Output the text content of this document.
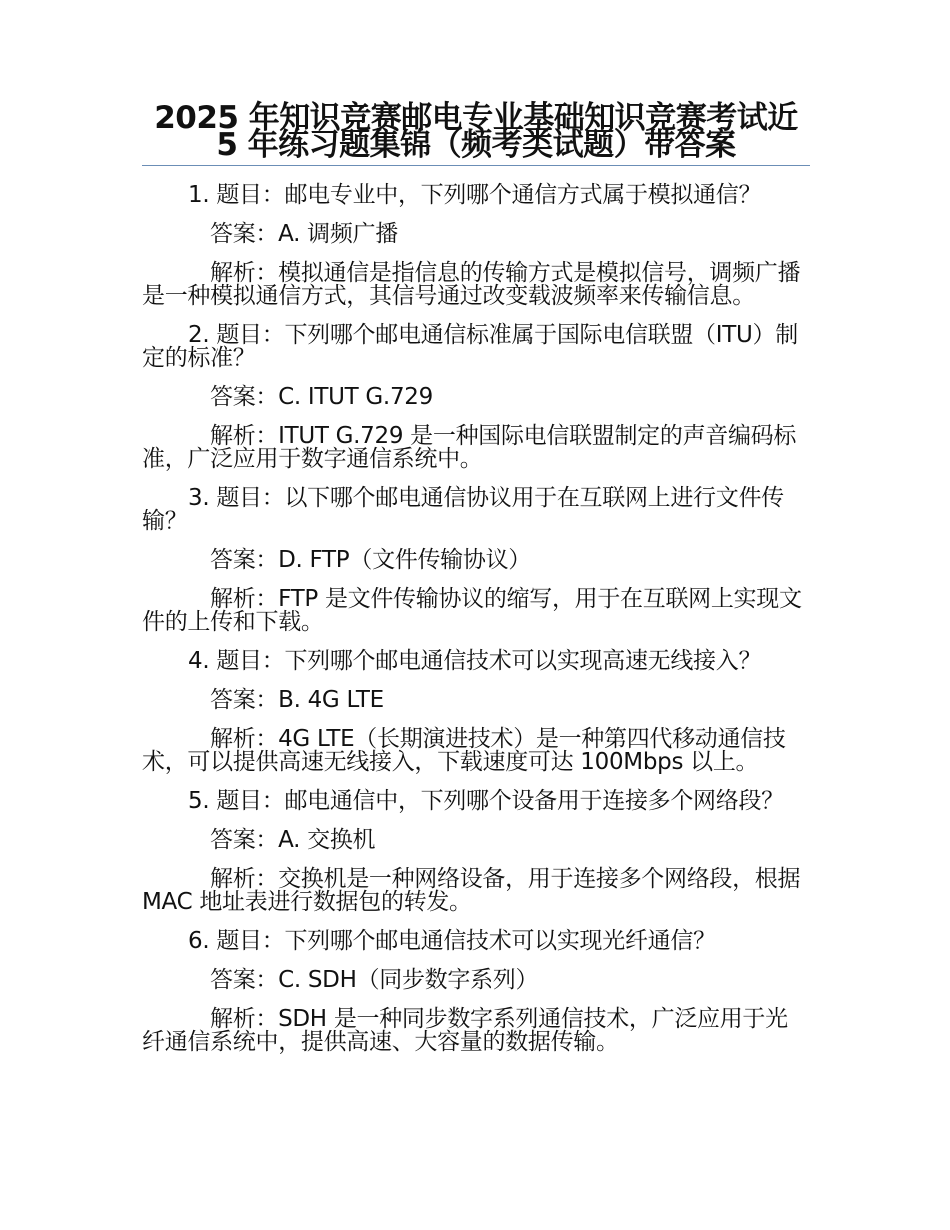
2025 年知识竞赛邮电专业基础知识竞赛考试近 5 年练习题集锦（频考类试题）带答案

1. 题目：邮电专业中，下列哪个通信方式属于模拟通信？

答案：A. 调频广播

解析：模拟通信是指信息的传输方式是模拟信号，调频广播是一种模拟通信方式，其信号通过改变载波频率来传输信息。

2. 题目：下列哪个邮电通信标准属于国际电信联盟（ITU）制定的标准？

答案：C. ITUT G.729

解析：ITUT G.729 是一种国际电信联盟制定的声音编码标准，广泛应用于数字通信系统中。

3. 题目：以下哪个邮电通信协议用于在互联网上进行文件传输？

答案：D. FTP（文件传输协议）

解析：FTP 是文件传输协议的缩写，用于在互联网上实现文件的上传和下载。

4. 题目：下列哪个邮电通信技术可以实现高速无线接入？

答案：B. 4G LTE

解析：4G LTE（长期演进技术）是一种第四代移动通信技术，可以提供高速无线接入，下载速度可达 100Mbps 以上。

5. 题目：邮电通信中，下列哪个设备用于连接多个网络段？

答案：A. 交换机

解析：交换机是一种网络设备，用于连接多个网络段，根据 MAC 地址表进行数据包的转发。

6. 题目：下列哪个邮电通信技术可以实现光纤通信？

答案：C. SDH（同步数字系列）

解析：SDH 是一种同步数字系列通信技术，广泛应用于光纤通信系统中，提供高速、大容量的数据传输。
